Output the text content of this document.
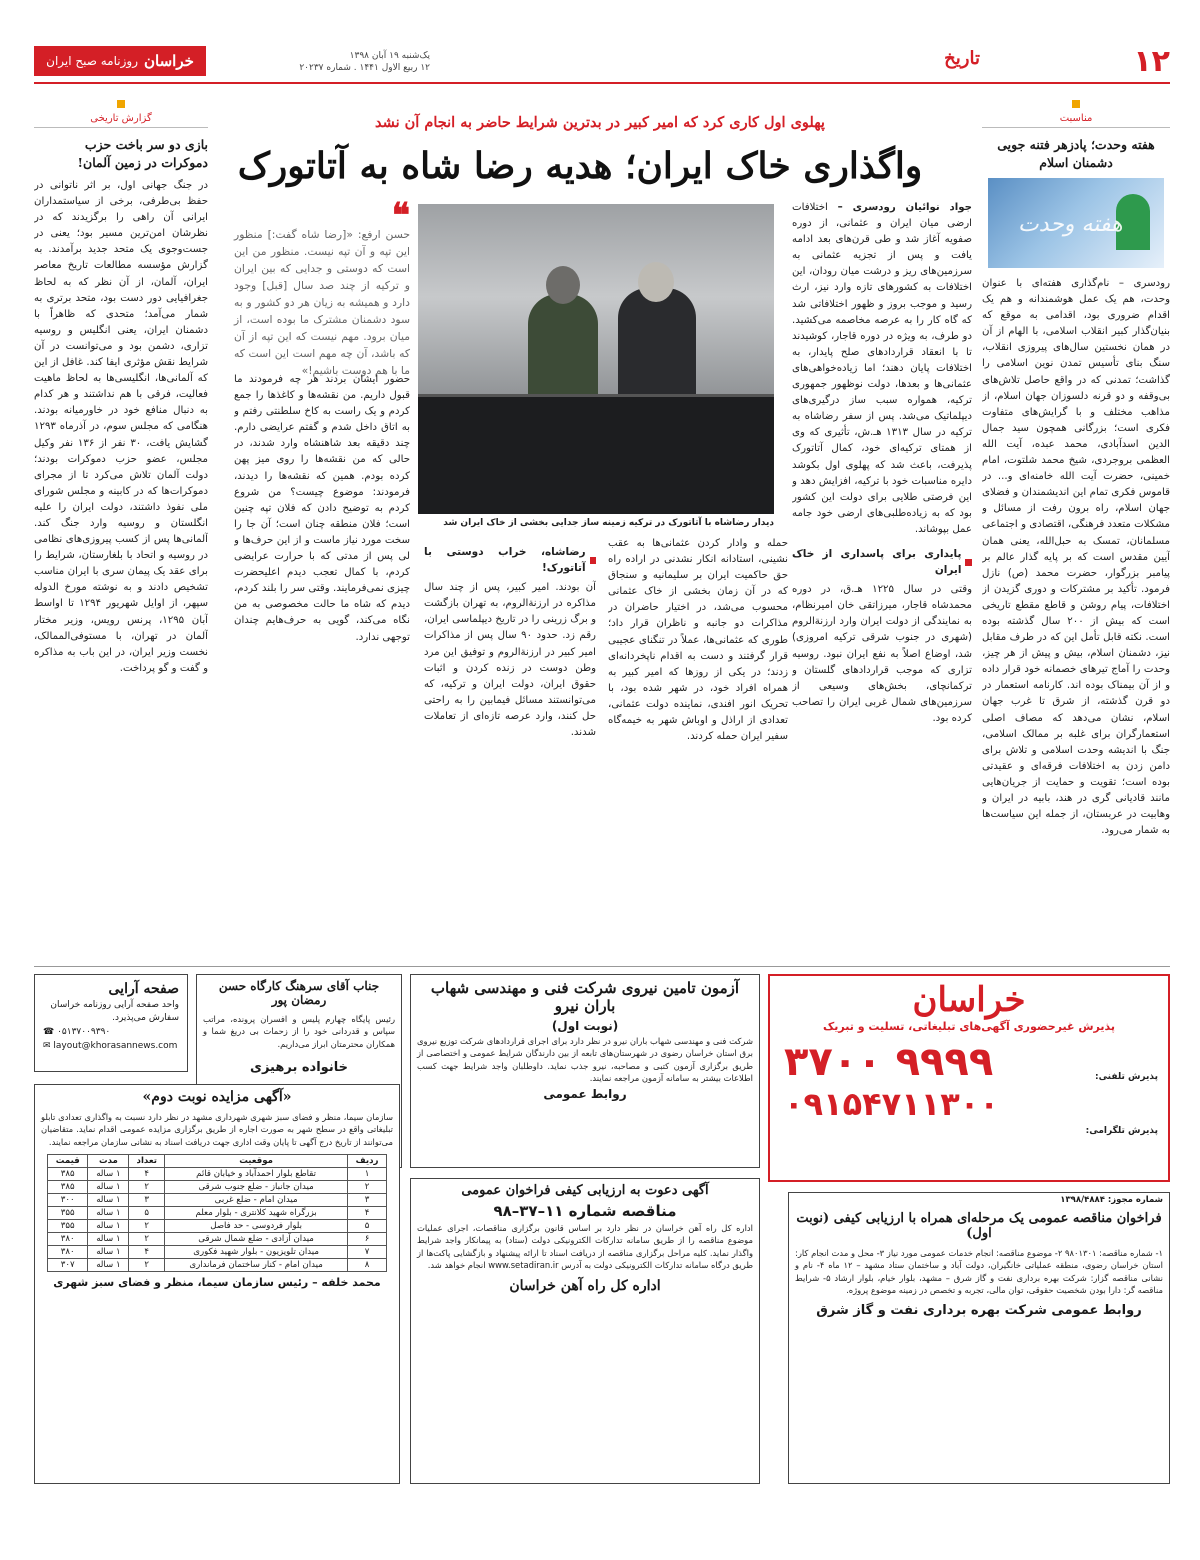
۱۲
تاریخ
یک‌شنبه ۱۹ آبان ۱۳۹۸
۱۲ ربیع الاول ۱۴۴۱ . شماره ۲۰۲۳۷
خراسان
روزنامه صبح ایران
مناسبت
هفته وحدت؛ پادزهر فتنه جویی دشمنان اسلام
هفته وحدت
رودسری – نام‌گذاری هفته‌ای با عنوان وحدت، هم یک عمل هوشمندانه و هم یک اقدام ضروری بود، اقدامی به موقع که بنیان‌گذار کبیر انقلاب اسلامی، با الهام از آن در همان نخستین سال‌های پیروزی انقلاب، سنگ بنای تأسیس تمدن نوین اسلامی را گذاشت؛ تمدنی که در واقع حاصل تلاش‌های بی‌وقفه و دو قرنه دلسوزان جهان اسلام، از مذاهب مختلف و با گرایش‌های متفاوت فکری است؛ بزرگانی همچون سید جمال الدین اسدآبادی، محمد عبده، آیت الله العظمی بروجردی، شیخ محمد شلتوت، امام خمینی، حضرت آیت الله خامنه‌ای و... در قاموس فکری تمام این اندیشمندان و فضلای جهان اسلام، راه برون رفت از مسائل و مشکلات متعدد فرهنگی، اقتصادی و اجتماعی مسلمانان، تمسک به حبل‌الله، یعنی همان آیین مقدس است که بر پایه گذار عالم بر پیامبر بزرگوار، حضرت محمد (ص) نازل فرمود. تأکید بر مشترکات و دوری گزیدن از اختلافات، پیام روشن و قاطع مقطع تاریخی است که بیش از ۲۰۰ سال گذشته بوده است. نکته قابل تأمل این که در طرف مقابل نیز، دشمنان اسلام، بیش و پیش از هر چیز، وحدت را آماج تیرهای خصمانه خود قرار داده و از آن بیمناک بوده اند. کارنامه استعمار در دو قرن گذشته، از شرق تا غرب جهان اسلام، نشان می‌دهد که مصاف اصلی استعمارگران برای غلبه بر ممالک اسلامی، جنگ با اندیشه وحدت اسلامی و تلاش برای دامن زدن به اختلافات فرقه‌ای و عقیدتی بوده است؛ تقویت و حمایت از جریان‌هایی مانند قادیانی گری در هند، بابیه در ایران و وهابیت در عربستان، از جمله این سیاست‌ها به شمار می‌رود.
پهلوی اول کاری کرد که امیر کبیر در بدترین شرایط حاضر به انجام آن نشد
واگذاری خاک ایران؛ هدیه رضا شاه به آتاتورک
جواد نوائیان رودسری – اختلافات ارضی میان ایران و عثمانی، از دوره صفویه آغاز شد و طی قرن‌های بعد ادامه یافت و پس از تجزیه عثمانی به سرزمین‌های ریز و درشت میان رودان، این اختلافات به کشورهای تازه وارد نیز، ارث رسید و موجب بروز و ظهور اختلافاتی شد که گاه کار را به عرصه مخاصمه می‌کشید. دو طرف، به ویژه در دوره قاجار، کوشیدند تا با انعقاد قراردادهای صلح پایدار، به اختلافات پایان دهند؛ اما زیاده‌خواهی‌های عثمانی‌ها و بعدها، دولت نوظهور جمهوری ترکیه، همواره سبب ساز درگیری‌های دیپلماتیک می‌شد. پس از سفر رضاشاه به ترکیه در سال ۱۳۱۳ هـ.ش، تأثیری که وی از همتای ترکیه‌ای خود، کمال آتاتورک پذیرفت، باعث شد که پهلوی اول بکوشد دایره مناسبات خود با ترکیه، افزایش دهد و این فرصتی طلایی برای دولت این کشور بود که به زیاده‌طلبی‌های ارضی خود جامه عمل بپوشاند.
پایداری برای پاسداری از خاک ایران
وقتی در سال ۱۲۲۵ هـ.ق، در دوره محمدشاه قاجار، میرزاتقی خان امیرنظام، به نمایندگی از دولت ایران وارد ارزنة‌الروم (شهری در جنوب شرقی ترکیه امروزی) شد، اوضاع اصلاً به نفع ایران نبود. روسیه تزاری که موجب قراردادهای گلستان و ترکمانچای، بخش‌های وسیعی از سرزمین‌های شمال غربی ایران را تصاحب کرده بود.
دیدار رضاشاه با آتاتورک در ترکیه زمینه ساز جدایی بخشی از خاک ایران شد
❝
حسن ارفع: «[رضا شاه گفت:] منظور این تپه و آن تپه نیست. منظور من این است که دوستی و جدایی که بین ایران و ترکیه از چند صد سال [قبل] وجود دارد و همیشه به زیان هر دو کشور و به سود دشمنان مشترک ما بوده است، از میان برود. مهم نیست که این تپه از آن که باشد، آن چه مهم است این است که ما با هم دوست باشیم!»
حضور ایشان بردند هر چه فرمودند ما قبول داریم. من نقشه‌ها و کاغذها را جمع کردم و یک راست به کاخ سلطنتی رفتم و به اتاق داخل شدم و گفتم عرایضی دارم. چند دقیقه بعد شاهنشاه وارد شدند، در حالی که من نقشه‌ها را روی میز پهن کرده بودم. همین که نقشه‌ها را دیدند، فرمودند: موضوع چیست؟ من شروع کردم به توضیح دادن که فلان تپه چنین است؛ فلان منطقه چنان است؛ آن جا را سخت مورد نیاز ماست و از این حرف‌ها و لی پس از مدتی که با حرارت عرایضی کردم، با کمال تعجب دیدم اعلیحضرت چیزی نمی‌فرمایند. وقتی سر را بلند کردم، دیدم که شاه ما حالت مخصوصی به من نگاه می‌کند، گویی به حرف‌هایم چندان توجهی ندارد.
حمله و وادار کردن عثمانی‌ها به عقب نشینی، استادانه انکار نشدنی در اراده راه حق حاکمیت ایران بر سلیمانیه و سنجاق که در آن زمان بخشی از خاک عثمانی محسوب می‌شد، در اختیار حاضران در مذاکرات دو جانبه و ناظران قرار داد؛ طوری که عثمانی‌ها، عملاً در تنگنای عجیبی قرار گرفتند و دست به اقدام ناپخردانه‌ای زدند؛ در یکی از روزها که امیر کبیر به همراه افراد خود، در شهر شده بود، با تحریک انور افندی، نماینده دولت عثمانی، تعدادی از اراذل و اوباش شهر به خیمه‌گاه سفیر ایران حمله کردند.
رضاشاه، خراب دوستی با آتاتورک!
آن بودند. امیر کبیر، پس از چند سال مذاکره در ارزنة‌الروم، به تهران بازگشت و برگ زرینی را در تاریخ دیپلماسی ایران، رقم زد. حدود ۹۰ سال پس از مذاکرات امیر کبیر در ارزنة‌الروم و توفیق این مرد وطن دوست در زنده کردن و اثبات حقوق ایران، دولت ایران و ترکیه، که می‌توانستند مسائل فیمابین را به راحتی حل کنند، وارد عرصه تازه‌ای از تعاملات شدند.
گزارش تاریخی
بازی دو سر باخت حزب دموکرات در زمین آلمان!
در جنگ جهانی اول، بر اثر ناتوانی در حفظ بی‌طرفی، برخی از سیاستمداران ایرانی آن راهی را برگزیدند که در نظرشان امن‌ترین مسیر بود؛ یعنی در جست‌وجوی یک متحد جدید برآمدند. به گزارش مؤسسه مطالعات تاریخ معاصر ایران، آلمان، از آن نظر که به لحاظ جغرافیایی دور دست بود، متحد برتری به شمار می‌آمد؛ متحدی که ظاهراً با دشمنان ایران، یعنی انگلیس و روسیه تزاری، دشمن بود و می‌توانست در آن شرایط نقش مؤثری ایفا کند. غافل از این که آلمانی‌ها، انگلیسی‌ها به لحاظ ماهیت فعالیت، فرقی با هم نداشتند و هر کدام به دنبال منافع خود در خاورمیانه بودند. هنگامی که مجلس سوم، در آذرماه ۱۲۹۳ گشایش یافت، ۳۰ نفر از ۱۳۶ نفر وکیل مجلس، عضو حزب دموکرات بودند؛ دولت آلمان تلاش می‌کرد تا از مجرای دموکرات‌ها که در کابینه و مجلس شورای ملی نفوذ داشتند، دولت ایران را علیه انگلستان و روسیه وارد جنگ کند. آلمانی‌ها پس از کسب پیروزی‌های نظامی در روسیه و اتحاد با بلغارستان، شرایط را برای عقد یک پیمان سری با ایران مناسب تشخیص دادند و به نوشته مورخ الدوله سپهر، از اوایل شهریور ۱۲۹۴ تا اواسط آبان ۱۲۹۵، پرنس رویس، وزیر مختار آلمان در تهران، با مستوفی‌الممالک، نخست وزیر ایران، در این باب به مذاکره و گفت و گو پرداخت.
خراسان
پذیرش غیرحضوری آگهی‌های تبلیغاتی، تسلیت و تبریک
پذیرش تلفنی:
۳۷۰۰ ۹۹۹۹
پذیرش تلگرامی:
۰۹۱۵۴۷۱۱۳۰۰
آزمون تامین نیروی شرکت فنی و مهندسی شهاب باران نیرو
(نوبت اول)
شرکت فنی و مهندسی شهاب باران نیرو در نظر دارد برای اجرای قراردادهای شرکت توزیع نیروی برق استان خراسان رضوی در شهرستان‌های تابعه از بین دارندگان شرایط عمومی و اختصاصی از طریق برگزاری آزمون کتبی و مصاحبه، نیرو جذب نماید. داوطلبان واجد شرایط جهت کسب اطلاعات بیشتر به سامانه آزمون مراجعه نمایند.
روابط عمومی
جناب آقای سرهنگ کارگاه حسن رمضان پور
رئیس پایگاه چهارم پلیس و افسران پرونده، مراتب سپاس و قدردانی خود را از زحمات بی دریغ شما و همکاران محترمتان ابراز می‌داریم.
خانواده برهیزی
صفحه آرایی
واحد صفحه آرایی روزنامه خراسان سفارش می‌پذیرد.
☎ ۰۵۱۳۷۰۰۹۳۹۰
✉ layout@khorasannews.com
«آگهی مزایده نوبت دوم»
سازمان سیما، منظر و فضای سبز شهری شهرداری مشهد در نظر دارد نسبت به واگذاری تعدادی تابلو تبلیغاتی واقع در سطح شهر به صورت اجاره از طریق برگزاری مزایده عمومی اقدام نماید. متقاضیان می‌توانند از تاریخ درج آگهی تا پایان وقت اداری جهت دریافت اسناد به نشانی سازمان مراجعه نمایند.
ردیف	موقعیت	تعداد	مدت	قیمت
۱	تقاطع بلوار احمدآباد و خیابان قائم	۴	۱ ساله	۳۸۵
۲	میدان جانباز - ضلع جنوب شرقی	۲	۱ ساله	۳۸۵
۳	میدان امام - ضلع غربی	۳	۱ ساله	۳۰۰
۴	بزرگراه شهید کلانتری - بلوار معلم	۵	۱ ساله	۳۵۵
۵	بلوار فردوسی - حد فاصل	۲	۱ ساله	۳۵۵
۶	میدان آزادی - ضلع شمال شرقی	۲	۱ ساله	۳۸۰
۷	میدان تلویزیون - بلوار شهید فکوری	۴	۱ ساله	۳۸۰
۸	میدان امام - کنار ساختمان فرمانداری	۲	۱ ساله	۳۰۷
محمد خلفه – رئیس سازمان سیما، منظر و فضای سبز شهری
آگهی دعوت به ارزیابی کیفی فراخوان عمومی
مناقصه شماره ۱۱–۳۷–۹۸
اداره کل راه آهن خراسان در نظر دارد بر اساس قانون برگزاری مناقصات، اجرای عملیات موضوع مناقصه را از طریق سامانه تدارکات الکترونیکی دولت (ستاد) به پیمانکار واجد شرایط واگذار نماید. کلیه مراحل برگزاری مناقصه از دریافت اسناد تا ارائه پیشنهاد و بازگشایی پاکت‌ها از طریق درگاه سامانه تدارکات الکترونیکی دولت به آدرس www.setadiran.ir انجام خواهد شد.
اداره کل راه آهن خراسان
شماره مجوز: ۱۳۹۸/۴۸۸۴
فراخوان مناقصه عمومی یک مرحله‌ای همراه با ارزیابی کیفی (نوبت اول)
۱- شماره مناقصه: ۹۸۰۱۳۰۱ ۲- موضوع مناقصه: انجام خدمات عمومی مورد نیاز ۳- محل و مدت انجام کار: استان خراسان رضوی، منطقه عملیاتی خانگیران، دولت آباد و ساختمان ستاد مشهد – ۱۲ ماه ۴- نام و نشانی مناقصه گزار: شرکت بهره برداری نفت و گاز شرق – مشهد، بلوار خیام، بلوار ارشاد ۵- شرایط مناقصه گر: دارا بودن شخصیت حقوقی، توان مالی، تجربه و تخصص در زمینه موضوع پروژه.
روابط عمومی شرکت بهره برداری نفت و گاز شرق
